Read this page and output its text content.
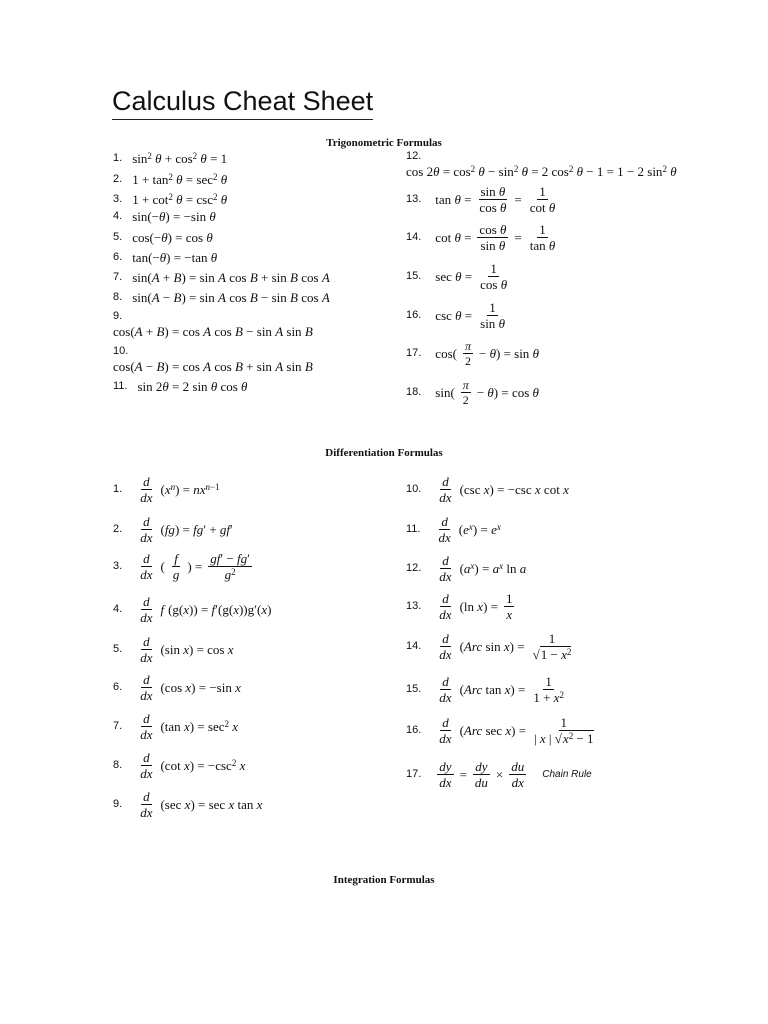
Calculus Cheat Sheet
Trigonometric Formulas
1. $\sin^2 \theta + \cos^2 \theta = 1$
2. $1 + \tan^2 \theta = \sec^2 \theta$
3. $1 + \cot^2 \theta = \csc^2 \theta$
4. sin(−θ) = −sin θ
5. cos(−θ) = cos θ
6. tan(−θ) = −tan θ
7. sin(A + B) = sin A cos B + sin B cos A
8. sin(A − B) = sin A cos B − sin B cos A
9.
cos(A + B) = cos A cos B − sin A sin B
10.
cos(A − B) = cos A cos B + sin A sin B
11. sin 2θ = 2 sin θ cos θ
12.
$\cos 2\theta = \cos^2 \theta - \sin^2 \theta = 2$ $\cos^2 \theta - 1 = 1 - 2$ $\sin^2 \theta$
13. $\tan \theta = \frac{\text{sin θ}}{\text{cos θ}} = \frac{1}{\text{cot θ}}$
14. $\cot \theta = \frac{\text{cos θ}}{\text{sin θ}} = \frac{1}{\text{tan θ}}$
15. $\sec \theta = \frac{1}{\text{cos θ}}$
16. $\csc \theta = \frac{1}{\text{sin θ}}$
17. $\cos( \frac{\pi}{2} - \theta) = \sin \theta$
18. $\sin( \frac{\pi}{2} - \theta) = \cos \theta$
Differentiation Formulas
1. $\frac{d}{dx} (x^n) = nx^{n-1}$
2. $\frac{d}{dx} (fg) = fg' + gf'$
3. $\frac{d}{dx}$ ( $\frac{f}{g}$ ) = $\frac{gf' - fg'}{g^2}$
4. $\frac{d}{dx}$ f (g(x)) = f′(g(x))g′(x)
5. $\frac{d}{dx} (\sin$ x) = cos x
6. $\frac{d}{dx} (\cos$ x) = −sin x
7. $\frac{d}{dx} (\tan$ $x) = \sec^2 x$
8. $\frac{d}{dx} (\cot$ $x) = -\csc^2$ x
9. $\frac{d}{dx} (\sec$ x) = sec x tan x
10. $\frac{d}{dx} (\csc$ x) = −csc x cot x
11. $\frac{d}{dx} (e^x) = e^x$
12. $\frac{d}{dx} (a^x) = a^x$ ln a
13. $\frac{d}{dx} (\ln$ $x) = \frac{1}{x}$
14. $\frac{d}{dx} (Arc$ $\sin x) = \frac{1}{√1 - x^2}$
15. $\frac{d}{dx} (Arc$ $\tan x) = \frac{1}{1 + x^2}$
16. $\frac{d}{dx} (Arc$ $\sec x) = \frac{1}{| x | √x^2 - 1}$
17. $\frac{dy}{dx} = \frac{dy}{du} \times \frac{du}{dx}$ Chain Rule
Integration Formulas
